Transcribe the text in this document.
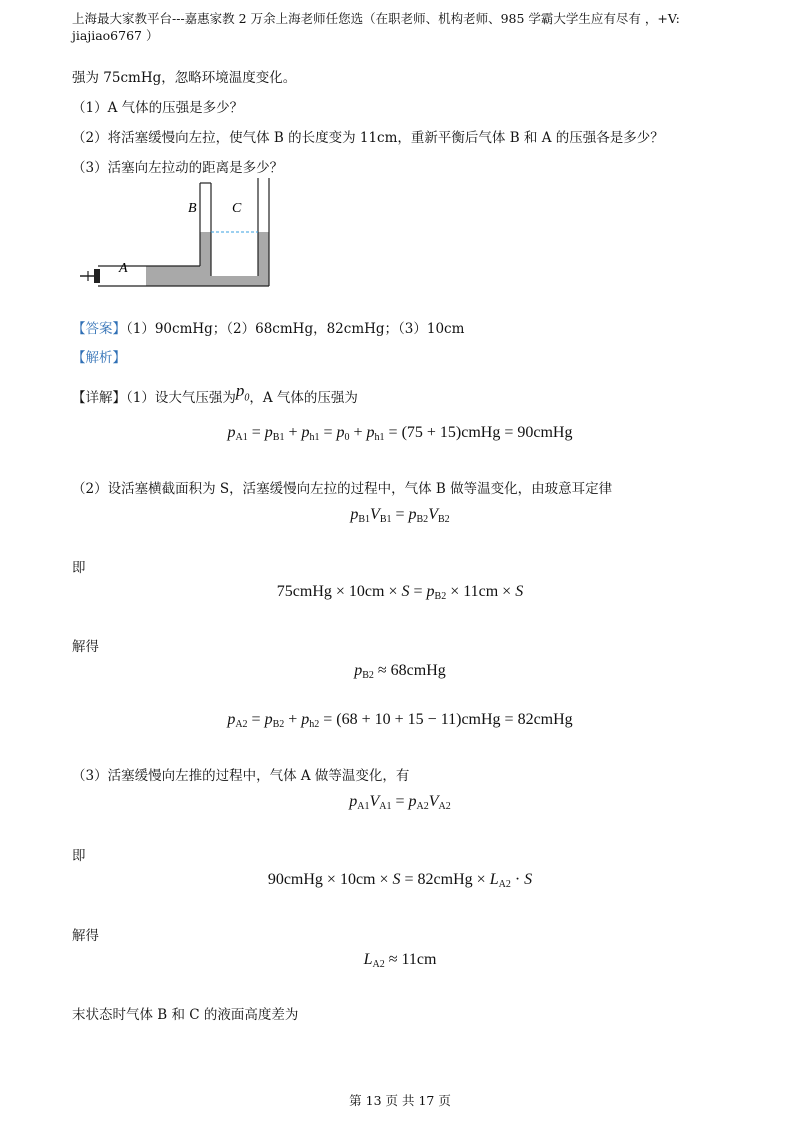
上海最大家教平台---嘉惠家教 2 万余上海老师任您选（在职老师、机构老师、985 学霸大学生应有尽有 ，+V: jiajiao6767 ）
强为 75cmHg，忽略环境温度变化。
（1）A 气体的压强是多少？
（2）将活塞缓慢向左拉，使气体 B 的长度变为 11cm，重新平衡后气体 B 和 A 的压强各是多少？
（3）活塞向左拉动的距离是多少？
A
B	C
【答案】（1）90cmHg；（2）68cmHg，82cmHg；（3）10cm
【解析】
【详解】（1）设大气压强为$p_0$，A 气体的压强为
$p_{A1} = p_{B1} + p_{h1} = p_0 + p_{h1} = (75$ + 15)cmHg = 90cmHg
（2）设活塞横截面积为 S，活塞缓慢向左拉的过程中，气体 B 做等温变化，由玻意耳定律
$p_{B1}V_{B1} = p_{B2}V_{B2}$
即
75cmHg × $10cm \times S = p_{B2} \times 11cm \times S$
解得
$p_{B2}$ ≈ 68cmHg
$p_{A2} = p_{B2} + p_{h2} = (68 + 10 + 15$ − 11)cmHg = 82cmHg
（3）活塞缓慢向左推的过程中，气体 A 做等温变化，有
$p_{A1}V_{A1} = p_{A2}V_{A2}$
即
90cmHg × 10cm × S = 82cmHg × $L_{A2} \cdot S$
解得
$L_{A2} \approx 11cm$
末状态时气体 B 和 C 的液面高度差为
第 13 页 共 17 页
